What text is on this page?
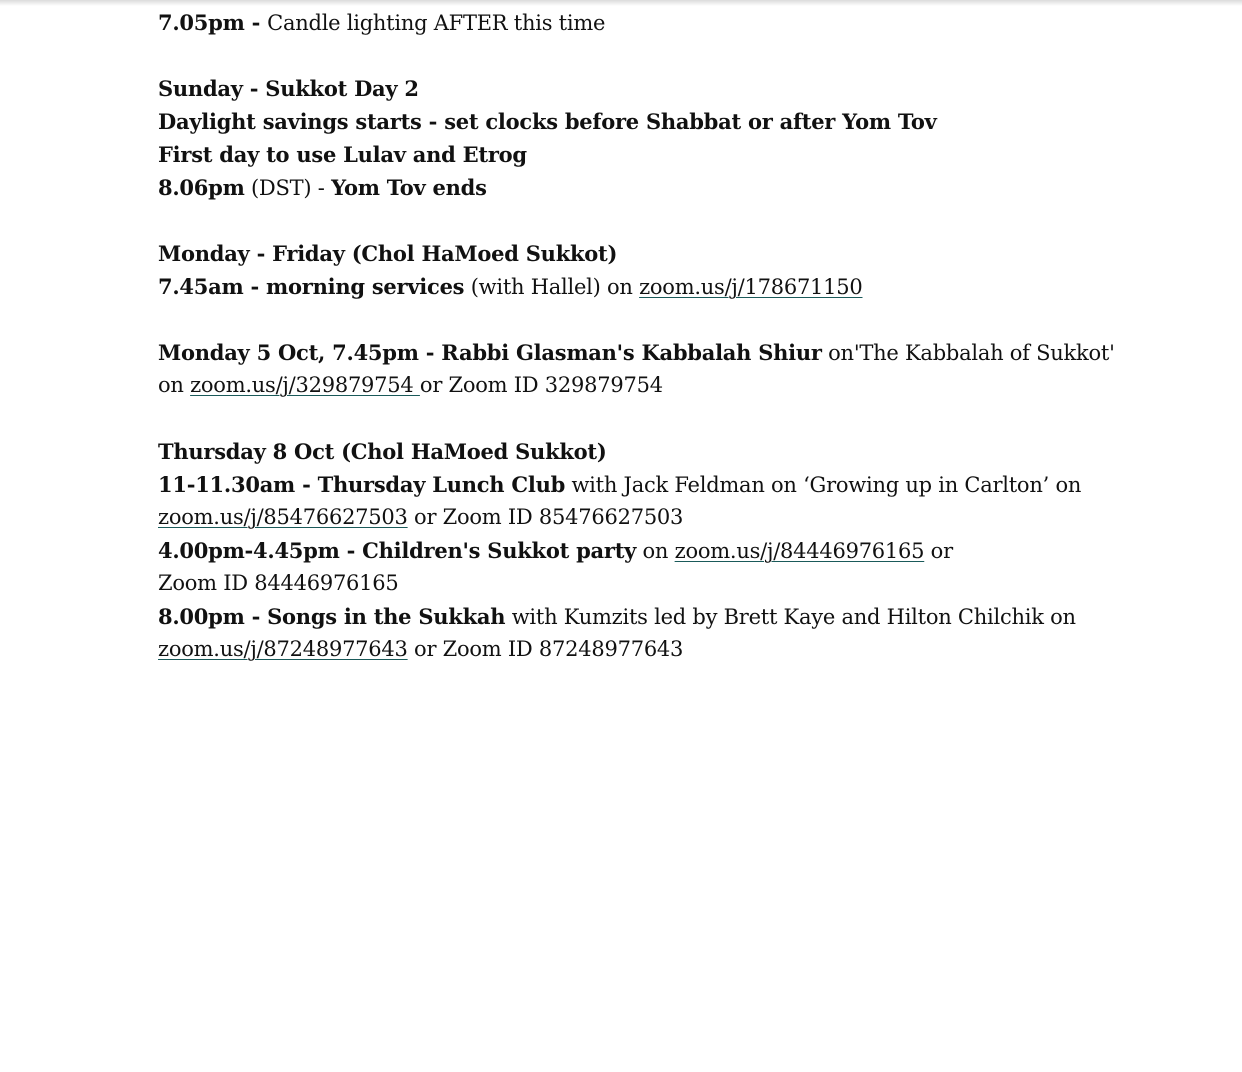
7.05pm - Candle lighting AFTER this time
Sunday - Sukkot Day 2
Daylight savings starts - set clocks before Shabbat or after Yom Tov
First day to use Lulav and Etrog
8.06pm (DST) - Yom Tov ends
Monday - Friday (Chol HaMoed Sukkot)
7.45am - morning services (with Hallel) on zoom.us/j/178671150
Monday 5 Oct, 7.45pm - Rabbi Glasman's Kabbalah Shiur on'The Kabbalah of Sukkot'
on zoom.us/j/329879754 or Zoom ID 329879754
Thursday 8 Oct (Chol HaMoed Sukkot)
11-11.30am - Thursday Lunch Club with Jack Feldman on ‘Growing up in Carlton’ on
zoom.us/j/85476627503 or Zoom ID 85476627503
4.00pm-4.45pm - Children's Sukkot party on zoom.us/j/84446976165 or
Zoom ID 84446976165
8.00pm - Songs in the Sukkah with Kumzits led by Brett Kaye and Hilton Chilchik on
zoom.us/j/87248977643 or Zoom ID 87248977643
